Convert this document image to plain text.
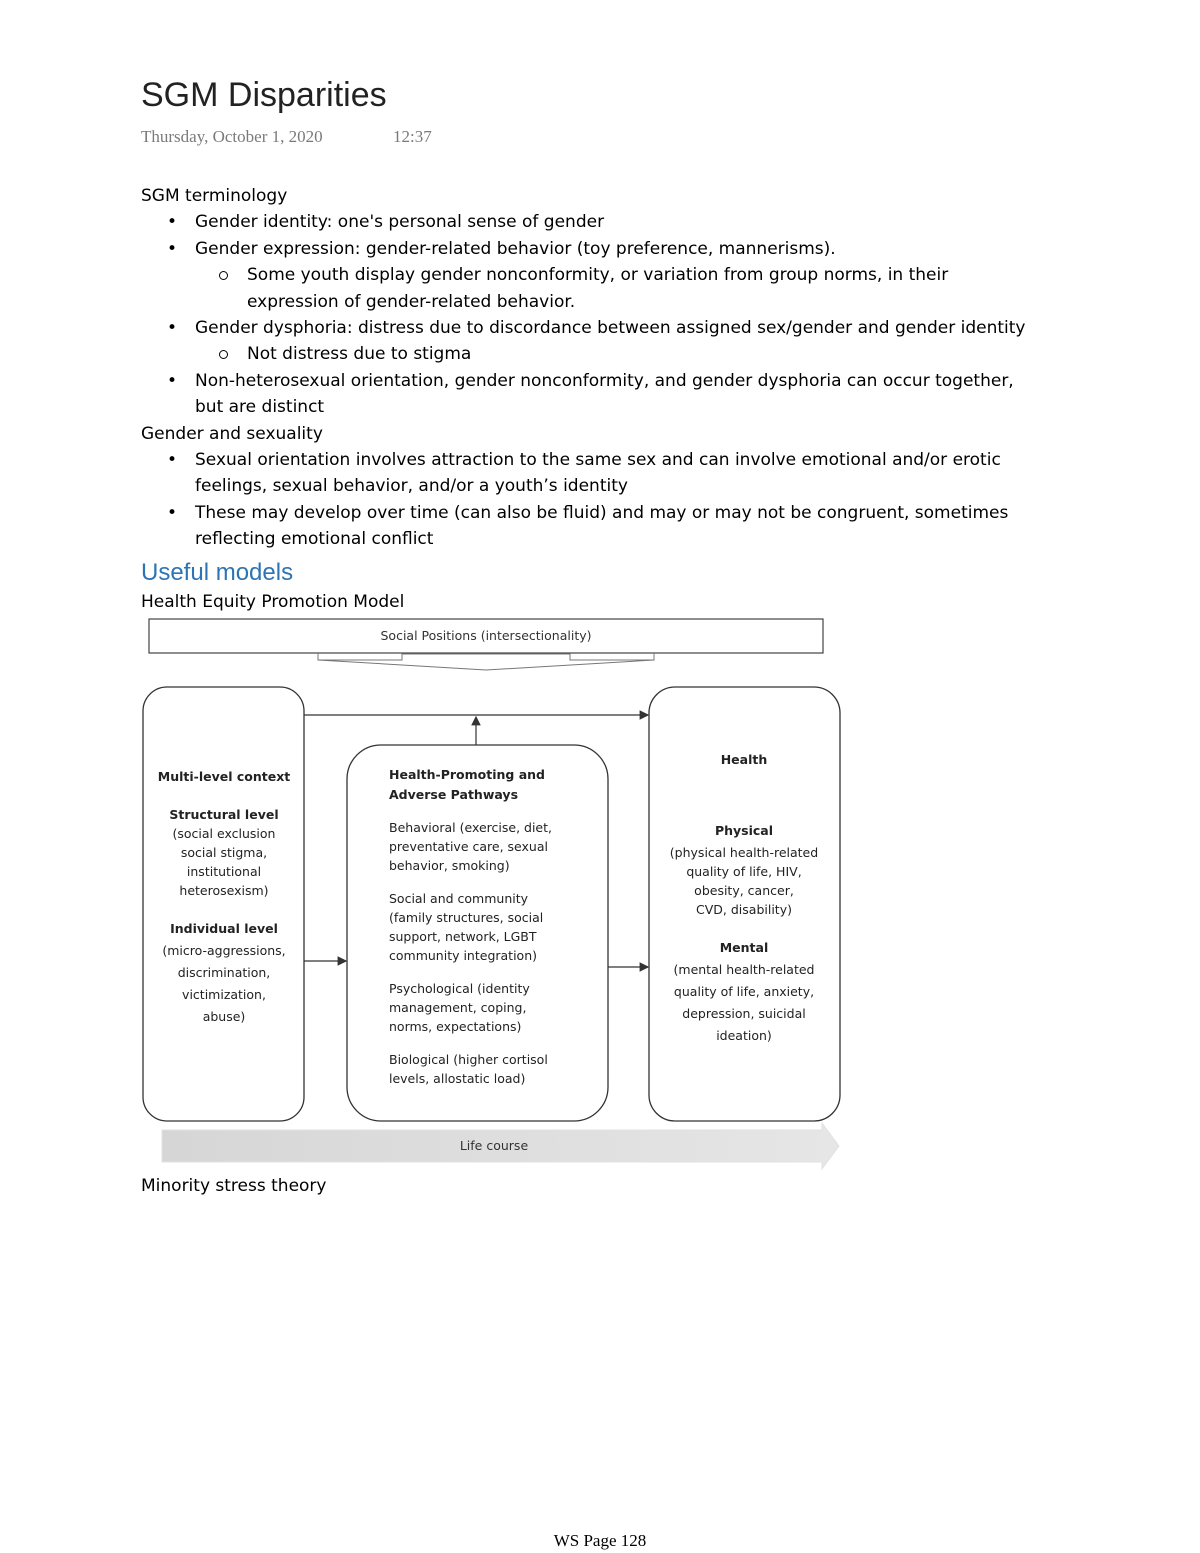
SGM Disparities
Thursday, October 1, 2020	12:37

SGM terminology

• Gender identity: one's personal sense of gender
• Gender expression: gender-related behavior (toy preference, mannerisms).
Some youth display gender nonconformity, or variation from group norms, in their
expression of gender-related behavior.
• Gender dysphoria: distress due to discordance between assigned sex/gender and gender identity
Not distress due to stigma
• Non-heterosexual orientation, gender nonconformity, and gender dysphoria can occur together,
but are distinct

Gender and sexuality

• Sexual orientation involves attraction to the same sex and can involve emotional and/or erotic
feelings, sexual behavior, and/or a youth’s identity
• These may develop over time (can also be fluid) and may or may not be congruent, sometimes
reflecting emotional conflict
Useful models

Health Equity Promotion Model

Social Positions (intersectionality)
Multi-level context
Structural level
(social exclusion
social stigma,
institutional
heterosexism)
Individual level
(micro-aggressions,
discrimination,
victimization,
abuse)
Health-Promoting and
Adverse Pathways
Behavioral (exercise, diet,
preventative care, sexual
behavior, smoking)
Social and community
(family structures, social
support, network, LGBT
community integration)
Psychological (identity
management, coping,
norms, expectations)
Biological (higher cortisol
levels, allostatic load)
Health
Physical
(physical health-related
quality of life, HIV,
obesity, cancer,
CVD, disability)
Mental
(mental health-related
quality of life, anxiety,
depression, suicidal
ideation)
Life course
Minority stress theory
WS Page 128
